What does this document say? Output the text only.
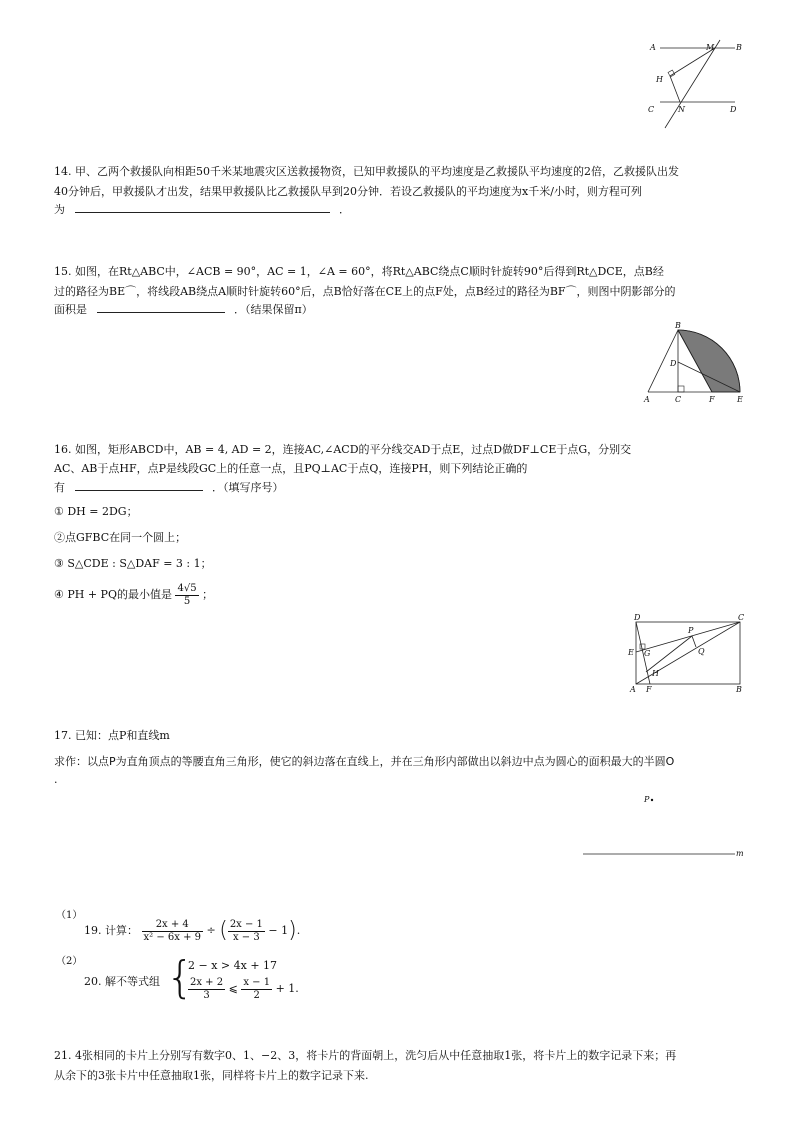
A	M	B
H
C	N	D
14. 甲、乙两个救援队向相距50千米某地震灾区送救援物资，已知甲救援队的平均速度是乙救援队平均速度的2倍，乙救援队出发
40分钟后，甲救援队才出发，结果甲救援队比乙救援队早到20分钟．若设乙救援队的平均速度为x千米/小时，则方程可列
为	．
15. 如图，在Rt△ABC中，∠ACB = 90°，AC = 1，∠A = 60°，将Rt△ABC绕点C顺时针旋转90°后得到Rt△DCE，点B经
过的路径为BE⌒，将线段AB绕点A顺时针旋转60°后，点B恰好落在CE上的点F处，点B经过的路径为BF⌒，则图中阴影部分的
面积是	．（结果保留π）
B
D
A	C	F	E
16. 如图，矩形ABCD中，AB = 4, AD = 2，连接AC,∠ACD的平分线交AD于点E，过点D做DF⊥CE于点G，分别交
AC、AB于点HF，点P是线段GC上的任意一点，且PQ⊥AC于点Q，连接PH，则下列结论正确的
有	．（填写序号）
① DH = 2DG；
②点GFBC在同一个圆上；
③ S△CDE : S△DAF = 3 : 1；
④ PH + PQ的最小值是 $\frac{4√5}{5}$ ；
D	C
P
E G	Q
H
A F	B
17. 已知：点P和直线m
求作：以点P为直角顶点的等腰直角三角形，使它的斜边落在直线上，并在三角形内部做出以斜边中点为圆心的面积最大的半圆O
.
P
m
（1）
19. 计算： $\frac{2x + 4}{\text{x² − 6x + 9}}$ ÷ ( $\frac{2x - 1}{x - 3} - 1$).
（2）
20. 解不等式组 {
2 − x > 4x + 17
$\frac{2x + 2}{3}$ ⩽ $\frac{x - 1}{2} + 1$.
21. 4张相同的卡片上分别写有数字0、1、−2、3，将卡片的背面朝上，洗匀后从中任意抽取1张，将卡片上的数字记录下来；再
从余下的3张卡片中任意抽取1张，同样将卡片上的数字记录下来.
